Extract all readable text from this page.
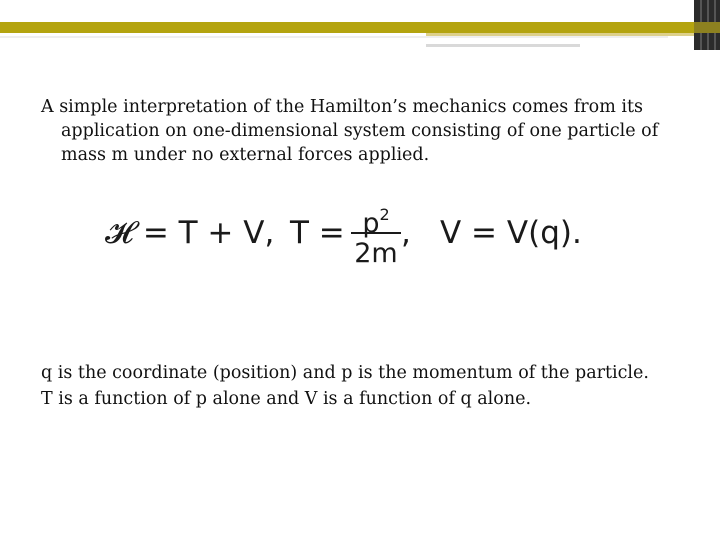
A simple interpretation of the Hamilton’s mechanics comes from its
application on one-dimensional system consisting of one particle of
mass m under no external forces applied.
𝓗 = T + V, $T = p^2$
2m
, V = V(q).
q is the coordinate (position) and p is the momentum of the particle.
T is a function of p alone and V is a function of q alone.
